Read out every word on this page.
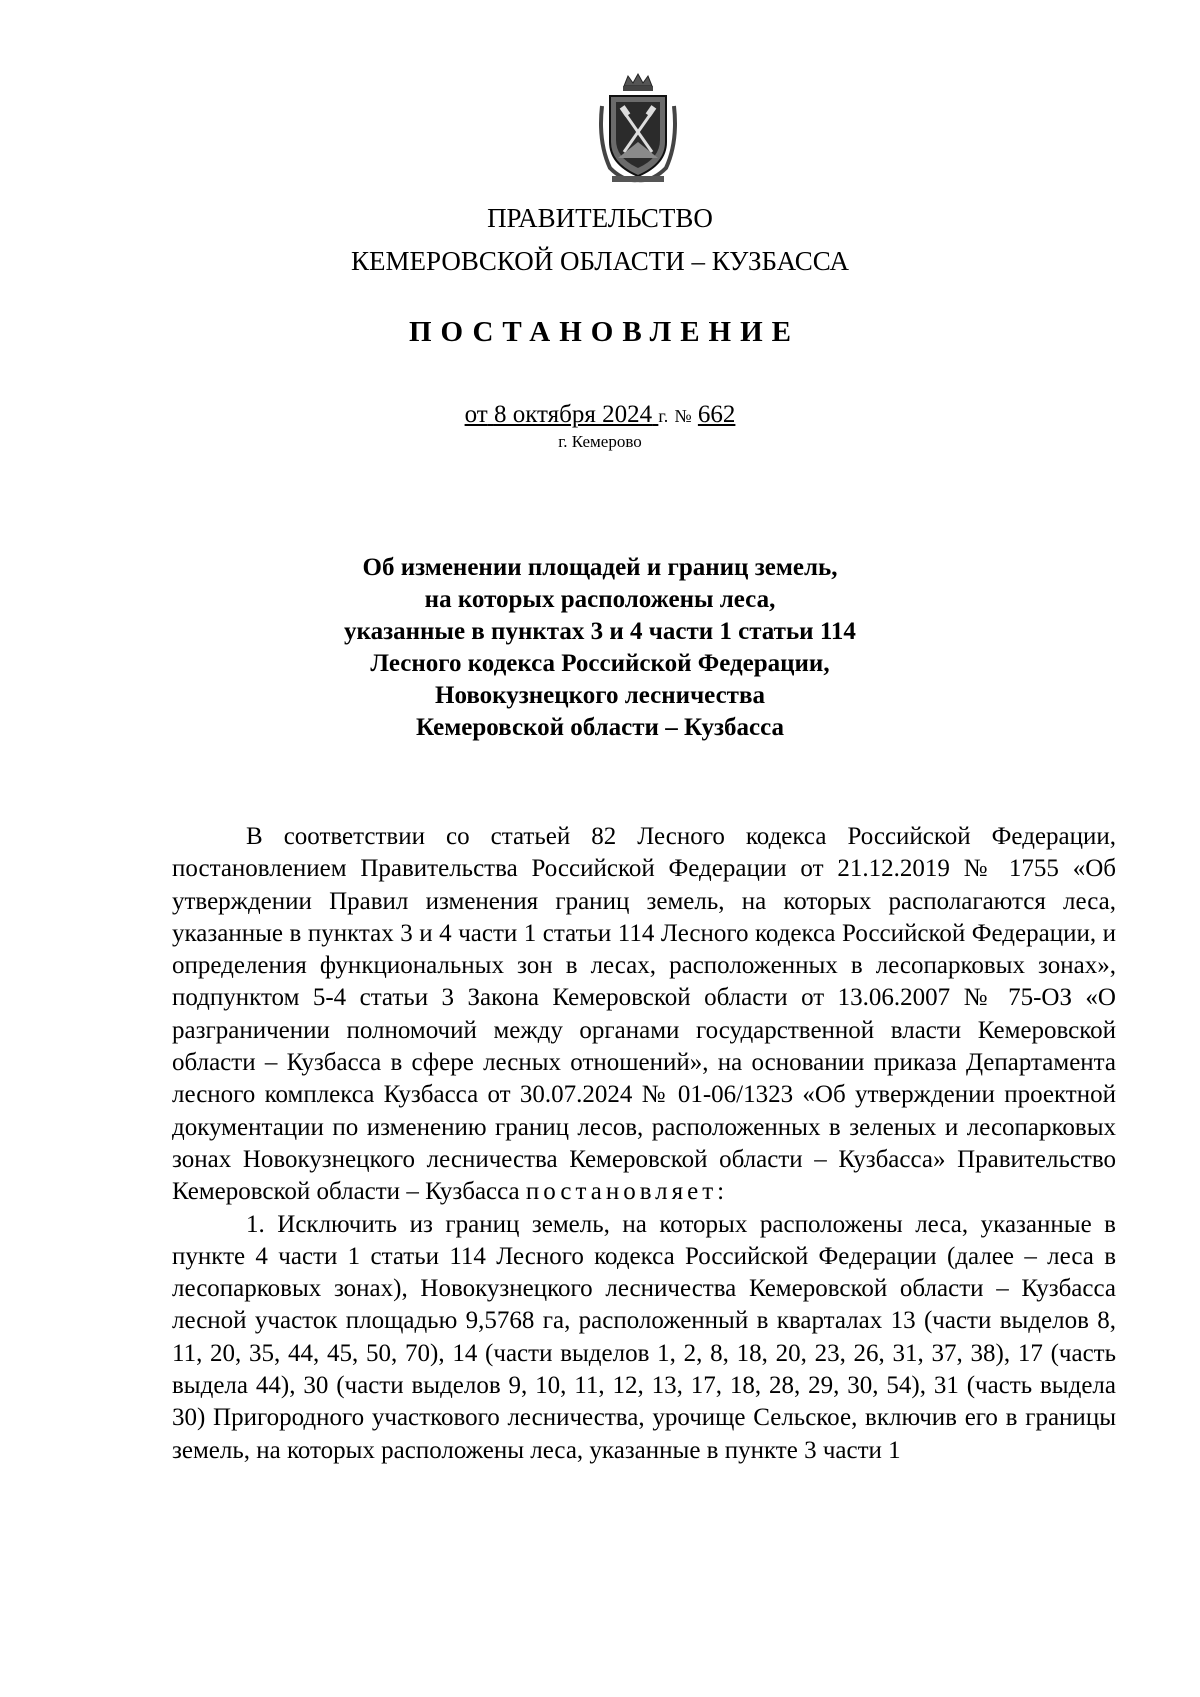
ПРАВИТЕЛЬСТВО
КЕМЕРОВСКОЙ ОБЛАСТИ – КУЗБАССА
ПОСТАНОВЛЕНИЕ
от 8 октября 2024 г. № 662
г. Кемерово
Об изменении площадей и границ земель,
на которых расположены леса,
указанные в пунктах 3 и 4 части 1 статьи 114
Лесного кодекса Российской Федерации,
Новокузнецкого лесничества
Кемеровской области – Кузбасса

В соответствии со статьей 82 Лесного кодекса Российской Федерации, постановлением Правительства Российской Федерации от 21.12.2019 № 1755 «Об утверждении Правил изменения границ земель, на которых располагаются леса, указанные в пунктах 3 и 4 части 1 статьи 114 Лесного кодекса Российской Федерации, и определения функциональных зон в лесах, расположенных в лесопарковых зонах», подпунктом 5-4 статьи 3 Закона Кемеровской области от 13.06.2007 № 75-ОЗ «О разграничении полномочий между органами государственной власти Кемеровской области – Кузбасса в сфере лесных отношений», на основании приказа Департамента лесного комплекса Кузбасса от 30.07.2024 № 01-06/1323 «Об утверждении проектной документации по изменению границ лесов, расположенных в зеленых и лесопарковых зонах Новокузнецкого лесничества Кемеровской области – Кузбасса» Правительство Кемеровской области – Кузбасса постановляет:

1. Исключить из границ земель, на которых расположены леса, указанные в пункте 4 части 1 статьи 114 Лесного кодекса Российской Федерации (далее – леса в лесопарковых зонах), Новокузнецкого лесничества Кемеровской области – Кузбасса лесной участок площадью 9,5768 га, расположенный в кварталах 13 (части выделов 8, 11, 20, 35, 44, 45, 50, 70), 14 (части выделов 1, 2, 8, 18, 20, 23, 26, 31, 37, 38), 17 (часть выдела 44), 30 (части выделов 9, 10, 11, 12, 13, 17, 18, 28, 29, 30, 54), 31 (часть выдела 30) Пригородного участкового лесничества, урочище Сельское, включив его в границы земель, на которых расположены леса, указанные в пункте 3 части 1
